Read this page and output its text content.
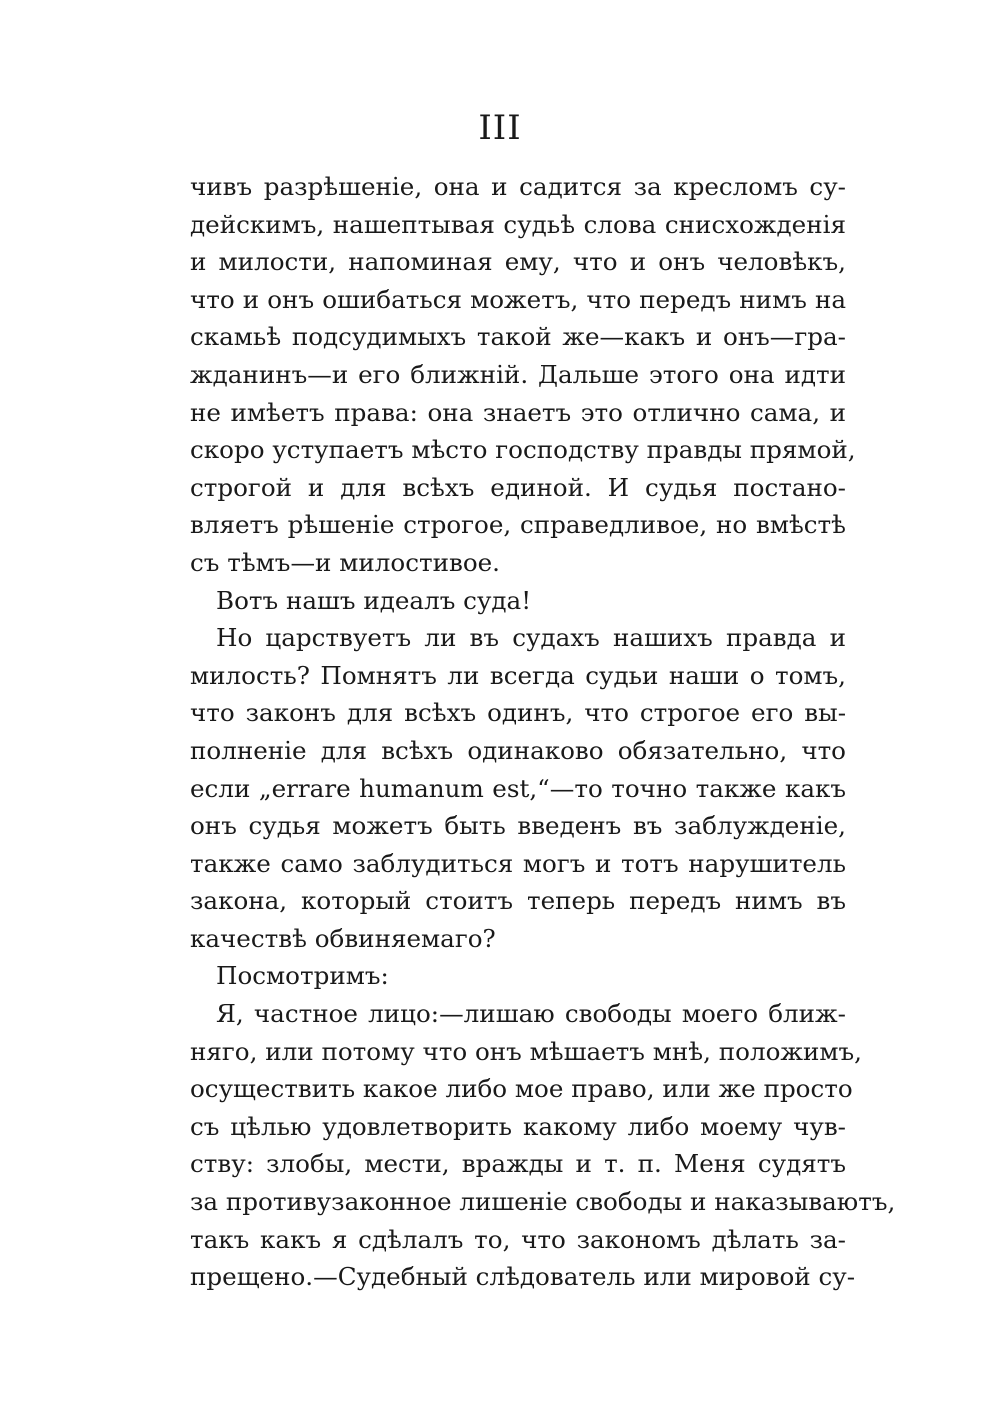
III
чивъ разрѣшеніе, она и садится за кресломъ су-
дейскимъ, нашептывая судьѣ слова снисхожденія
и милости, напоминая ему, что и онъ человѣкъ,
что и онъ ошибаться можетъ, что передъ нимъ на
скамьѣ подсудимыхъ такой же—какъ и онъ—гра-
жданинъ—и его ближній. Дальше этого она идти
не имѣетъ права: она знаетъ это отлично сама, и
скоро уступаетъ мѣсто господству правды прямой,
строгой и для всѣхъ единой. И судья постано-
вляетъ рѣшеніе строгое, справедливое, но вмѣстѣ
съ тѣмъ—и милостивое.
Вотъ нашъ идеалъ суда!
Но царствуетъ ли въ судахъ нашихъ правда и
милость? Помнятъ ли всегда судьи наши о томъ,
что законъ для всѣхъ одинъ, что строгое его вы-
полненіе для всѣхъ одинаково обязательно, что
если „errare humanum est,“—то точно также какъ
онъ судья можетъ быть введенъ въ заблужденіе,
также само заблудиться могъ и тотъ нарушитель
закона, который стоитъ теперь передъ нимъ въ
качествѣ обвиняемаго?
Посмотримъ:
Я, частное лицо:—лишаю свободы моего ближ-
няго, или потому что онъ мѣшаетъ мнѣ, положимъ,
осуществить какое либо мое право, или же просто
съ цѣлью удовлетворить какому либо моему чув-
ству: злобы, мести, вражды и т. п. Меня судятъ
за противузаконное лишеніе свободы и наказываютъ,
такъ какъ я сдѣлалъ то, что закономъ дѣлать за-
прещено.—Судебный слѣдователь или мировой су-
